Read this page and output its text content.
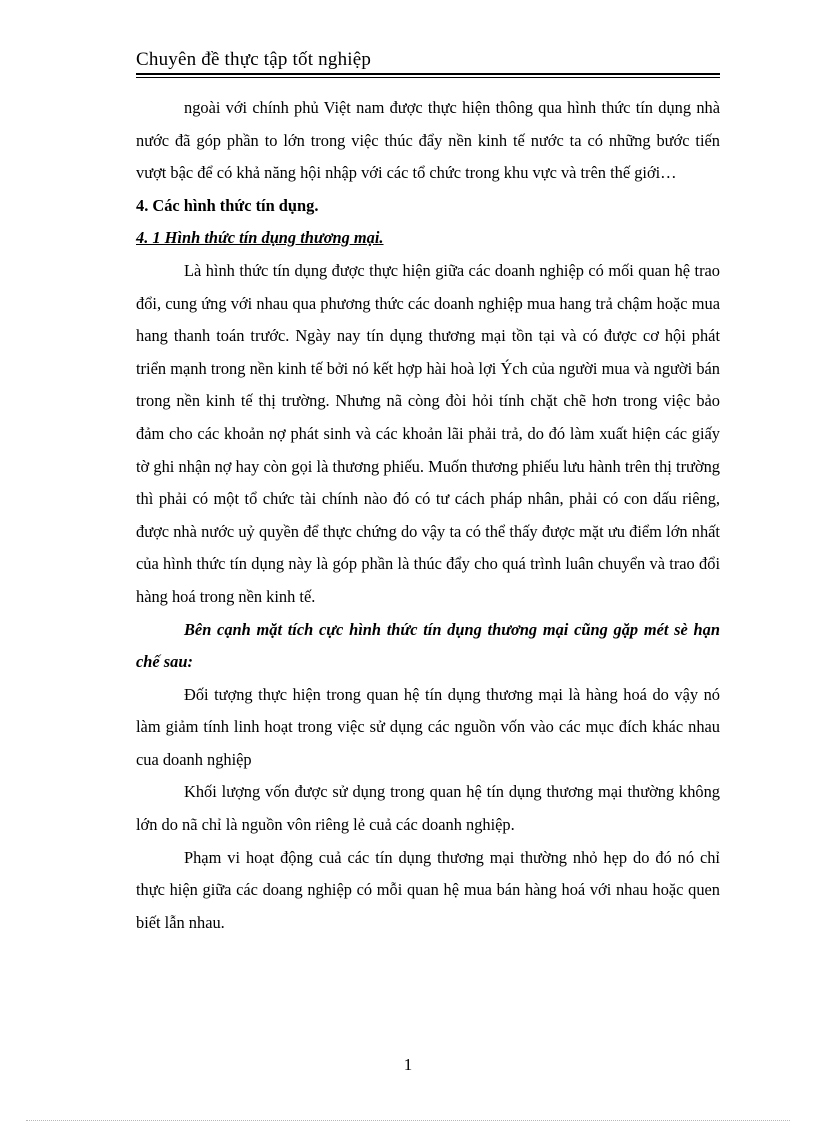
Chuyên đề thực tập tốt nghiệp

ngoài với chính phủ Việt nam được thực hiện thông qua hình thức tín dụng nhà nước đã góp phần to lớn trong việc thúc đẩy nền kinh tế nước ta có những bước tiến vượt bậc để có khả năng hội nhập với các tổ chức trong khu vực và trên thế giới…

4. Các hình thức tín dụng.

4. 1 Hình thức tín dụng thương mại.

Là hình thức tín dụng được thực hiện giữa các doanh nghiệp có mối quan hệ trao đổi, cung ứng với nhau qua phương thức các doanh nghiệp mua hang trả chậm hoặc mua hang thanh toán trước. Ngày nay tín dụng thương mại tồn tại và có được cơ hội phát triển mạnh trong nền kinh tế bởi nó kết hợp hài hoà lợi Ých của người mua và người bán trong nền kinh tế thị trường. Nhưng nã còng đòi hỏi tính chặt chẽ hơn trong việc bảo đảm cho các khoản nợ phát sinh và các khoản lãi phải trả, do đó làm xuất hiện các giấy tờ ghi nhận nợ hay còn gọi là thương phiếu. Muốn thương phiếu lưu hành trên thị trường thì phải có một tổ chức tài chính nào đó có tư cách pháp nhân, phải có con dấu riêng, được nhà nước uỷ quyền để thực chứng do vậy ta có thể thấy được mặt ưu điểm lớn nhất của hình thức tín dụng này là góp phần là thúc đẩy cho quá trình luân chuyển và trao đổi hàng hoá trong nền kinh tế.

Bên cạnh mặt tích cực hình thức tín dụng thương mại cũng gặp mét sè hạn chế sau:

Đối tượng thực hiện trong quan hệ tín dụng thương mại là hàng hoá do vậy nó làm giảm tính linh hoạt trong việc sử dụng các nguồn vốn vào các mục đích khác nhau cua doanh nghiệp

Khối lượng vốn được sử dụng trong quan hệ tín dụng thương mại thường không lớn do nã chỉ là nguồn vôn riêng lẻ cuả các doanh nghiệp.

Phạm vi hoạt động cuả các tín dụng thương mại thường nhỏ hẹp do đó nó chỉ thực hiện giữa các doang nghiệp có mỗi quan hệ mua bán hàng hoá với nhau hoặc quen biết lẫn nhau.

1
